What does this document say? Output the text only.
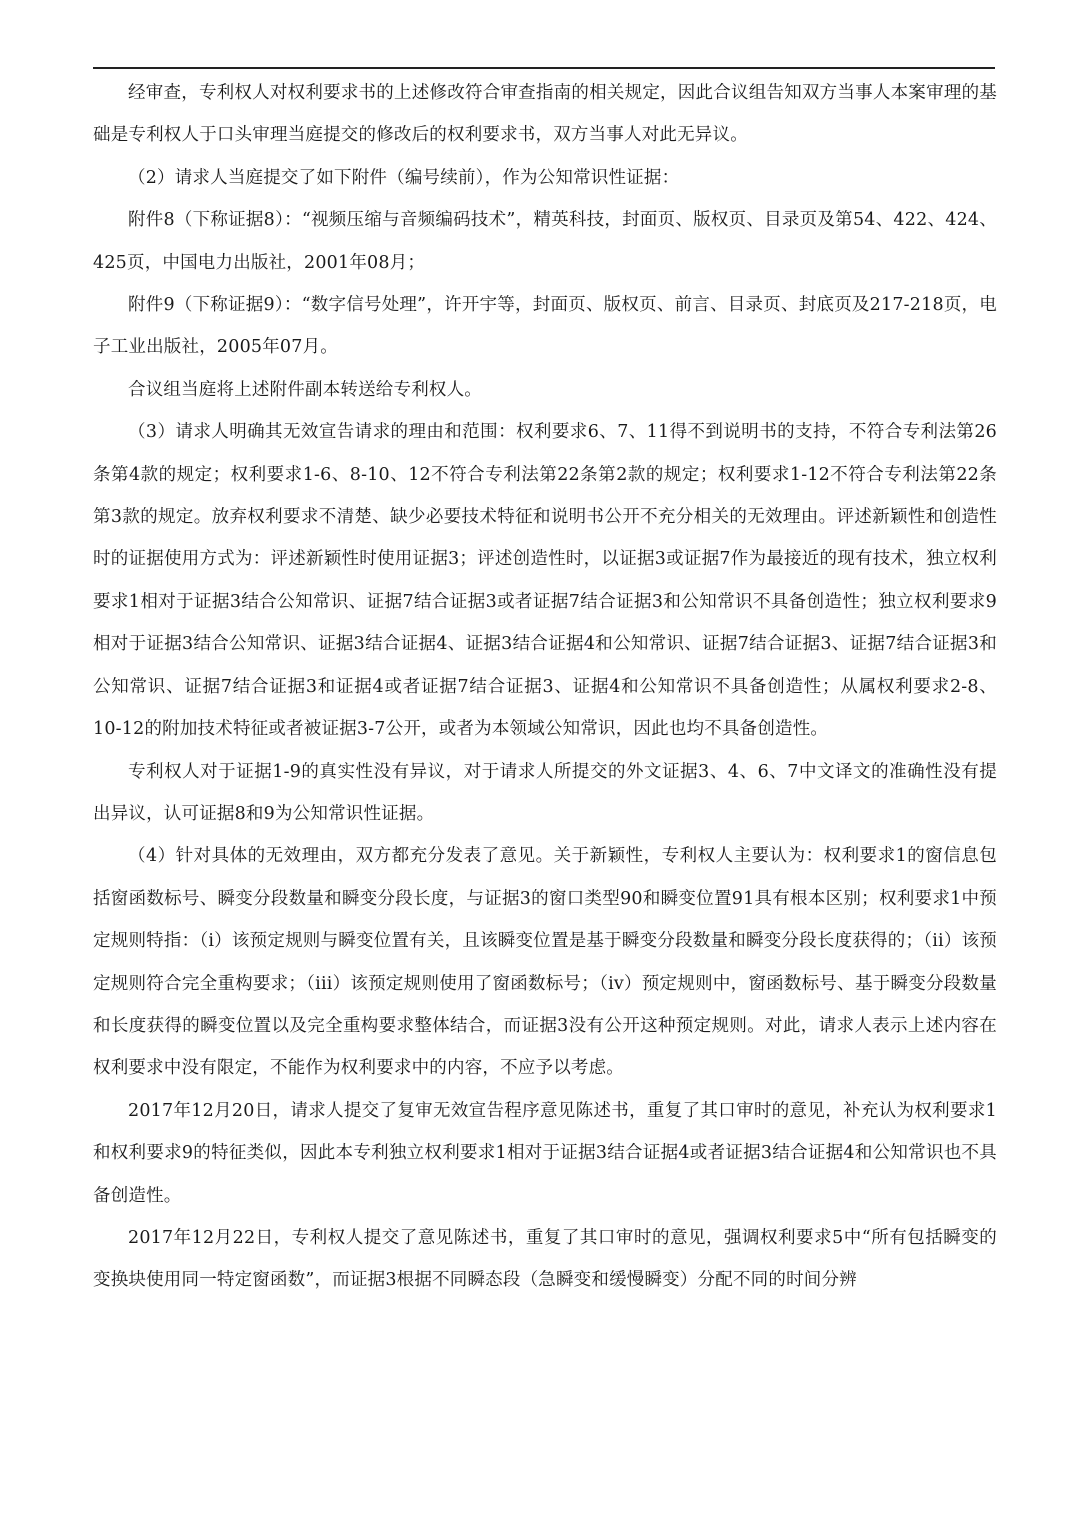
经审查，专利权人对权利要求书的上述修改符合审查指南的相关规定，因此合议组告知双方当事人本案审理的基础是专利权人于口头审理当庭提交的修改后的权利要求书，双方当事人对此无异议。

（2）请求人当庭提交了如下附件（编号续前），作为公知常识性证据：

附件8（下称证据8）：“视频压缩与音频编码技术”，精英科技，封面页、版权页、目录页及第54、422、424、425页，中国电力出版社，2001年08月；

附件9（下称证据9）：“数字信号处理”，许开宇等，封面页、版权页、前言、目录页、封底页及217-218页，电子工业出版社，2005年07月。

合议组当庭将上述附件副本转送给专利权人。

（3）请求人明确其无效宣告请求的理由和范围：权利要求6、7、11得不到说明书的支持，不符合专利法第26条第4款的规定；权利要求1-6、8-10、12不符合专利法第22条第2款的规定；权利要求1-12不符合专利法第22条第3款的规定。放弃权利要求不清楚、缺少必要技术特征和说明书公开不充分相关的无效理由。评述新颖性和创造性时的证据使用方式为：评述新颖性时使用证据3；评述创造性时，以证据3或证据7作为最接近的现有技术，独立权利要求1相对于证据3结合公知常识、证据7结合证据3或者证据7结合证据3和公知常识不具备创造性；独立权利要求9相对于证据3结合公知常识、证据3结合证据4、证据3结合证据4和公知常识、证据7结合证据3、证据7结合证据3和公知常识、证据7结合证据3和证据4或者证据7结合证据3、证据4和公知常识不具备创造性；从属权利要求2-8、10-12的附加技术特征或者被证据3-7公开，或者为本领域公知常识，因此也均不具备创造性。

专利权人对于证据1-9的真实性没有异议，对于请求人所提交的外文证据3、4、6、7中文译文的准确性没有提出异议，认可证据8和9为公知常识性证据。

（4）针对具体的无效理由，双方都充分发表了意见。关于新颖性，专利权人主要认为：权利要求1的窗信息包括窗函数标号、瞬变分段数量和瞬变分段长度，与证据3的窗口类型90和瞬变位置91具有根本区别；权利要求1中预定规则特指：（i）该预定规则与瞬变位置有关，且该瞬变位置是基于瞬变分段数量和瞬变分段长度获得的；（ii）该预定规则符合完全重构要求；（iii）该预定规则使用了窗函数标号；（iv）预定规则中，窗函数标号、基于瞬变分段数量和长度获得的瞬变位置以及完全重构要求整体结合，而证据3没有公开这种预定规则。对此，请求人表示上述内容在权利要求中没有限定，不能作为权利要求中的内容，不应予以考虑。

2017年12月20日，请求人提交了复审无效宣告程序意见陈述书，重复了其口审时的意见，补充认为权利要求1和权利要求9的特征类似，因此本专利独立权利要求1相对于证据3结合证据4或者证据3结合证据4和公知常识也不具备创造性。

2017年12月22日，专利权人提交了意见陈述书，重复了其口审时的意见，强调权利要求5中“所有包括瞬变的变换块使用同一特定窗函数”，而证据3根据不同瞬态段（急瞬变和缓慢瞬变）分配不同的时间分辨
